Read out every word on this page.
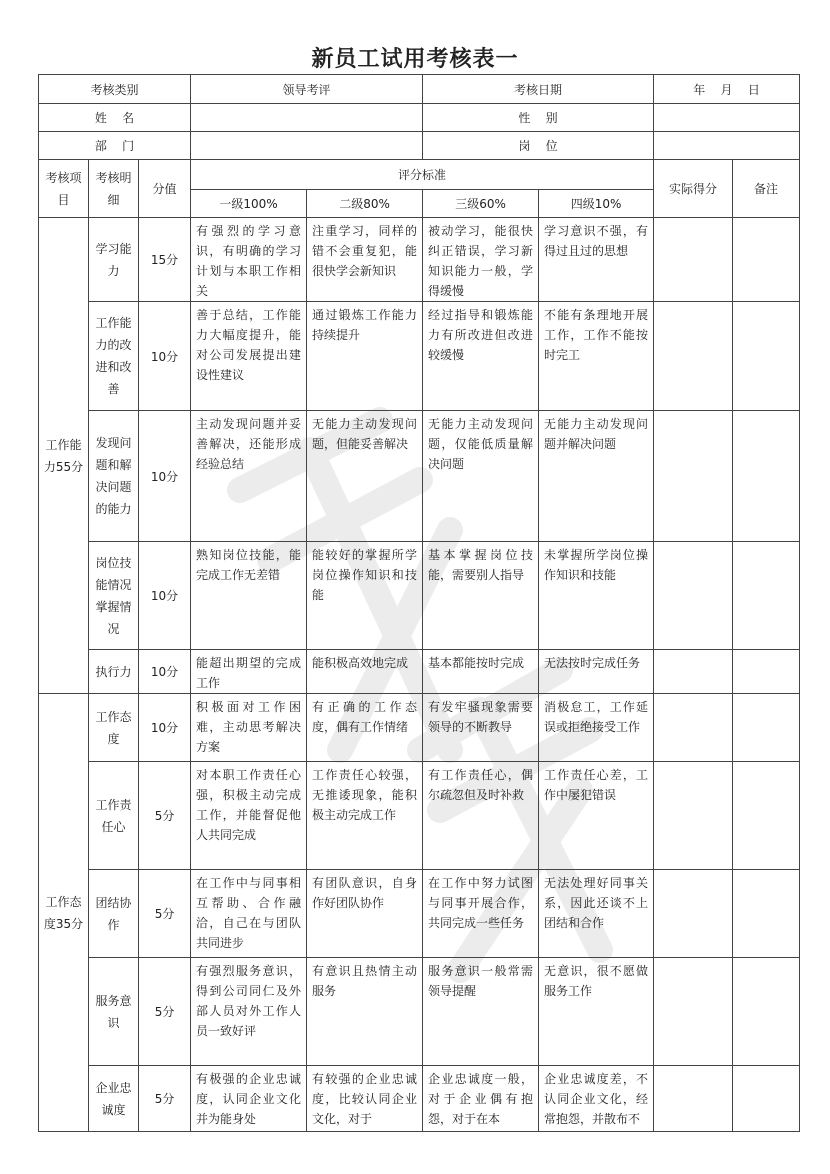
新员工试用考核表一
考核类别			领导考评		考核日期		年    月    日	
姓    名					性    别			
部    门					岗    位			
考核项目	考核明细	分值	评分标准				实际得分	备注
			一级100%	二级80%	三级60%	四级10%		
工作能力55分	学习能力	15分	有强烈的学习意识，有明确的学习计划与本职工作相关	注重学习，同样的错不会重复犯，能很快学会新知识	被动学习，能很快纠正错误，学习新知识能力一般，学得缓慢	学习意识不强，有得过且过的思想		
	工作能力的改进和改善	10分	善于总结，工作能力大幅度提升，能对公司发展提出建设性建议	通过锻炼工作能力持续提升	经过指导和锻炼能力有所改进但改进较缓慢	不能有条理地开展工作，工作不能按时完工		
	发现问题和解决问题的能力	10分	主动发现问题并妥善解决，还能形成经验总结	无能力主动发现问题，但能妥善解决	无能力主动发现问题，仅能低质量解决问题	无能力主动发现问题并解决问题		
	岗位技能情况掌握情况	10分	熟知岗位技能，能完成工作无差错	能较好的掌握所学岗位操作知识和技能	基本掌握岗位技能，需要别人指导	未掌握所学岗位操作知识和技能		
	执行力	10分	能超出期望的完成工作	能积极高效地完成	基本都能按时完成	无法按时完成任务		
工作态度35分	工作态度	10分	积极面对工作困难，主动思考解决方案	有正确的工作态度，偶有工作情绪	有发牢骚现象需要领导的不断教导	消极怠工，工作延误或拒绝接受工作		
	工作责任心	5分	对本职工作责任心强，积极主动完成工作，并能督促他人共同完成	工作责任心较强，无推诿现象，能积极主动完成工作	有工作责任心，偶尔疏忽但及时补救	工作责任心差，工作中屡犯错误		
	团结协作	5分	在工作中与同事相互帮助、合作融洽，自己在与团队共同进步	有团队意识，自身作好团队协作	在工作中努力试图与同事开展合作，共同完成一些任务	无法处理好同事关系，因此还谈不上团结和合作		
	服务意识	5分	有强烈服务意识，得到公司同仁及外部人员对外工作人员一致好评	有意识且热情主动服务	服务意识一般常需领导提醒	无意识，很不愿做服务工作		
	企业忠诚度	5分	有极强的企业忠诚度，认同企业文化并为能身处	有较强的企业忠诚度，比较认同企业文化，对于	企业忠诚度一般，对于企业偶有抱怨，对于在本	企业忠诚度差，不认同企业文化，经常抱怨，并散布不		
